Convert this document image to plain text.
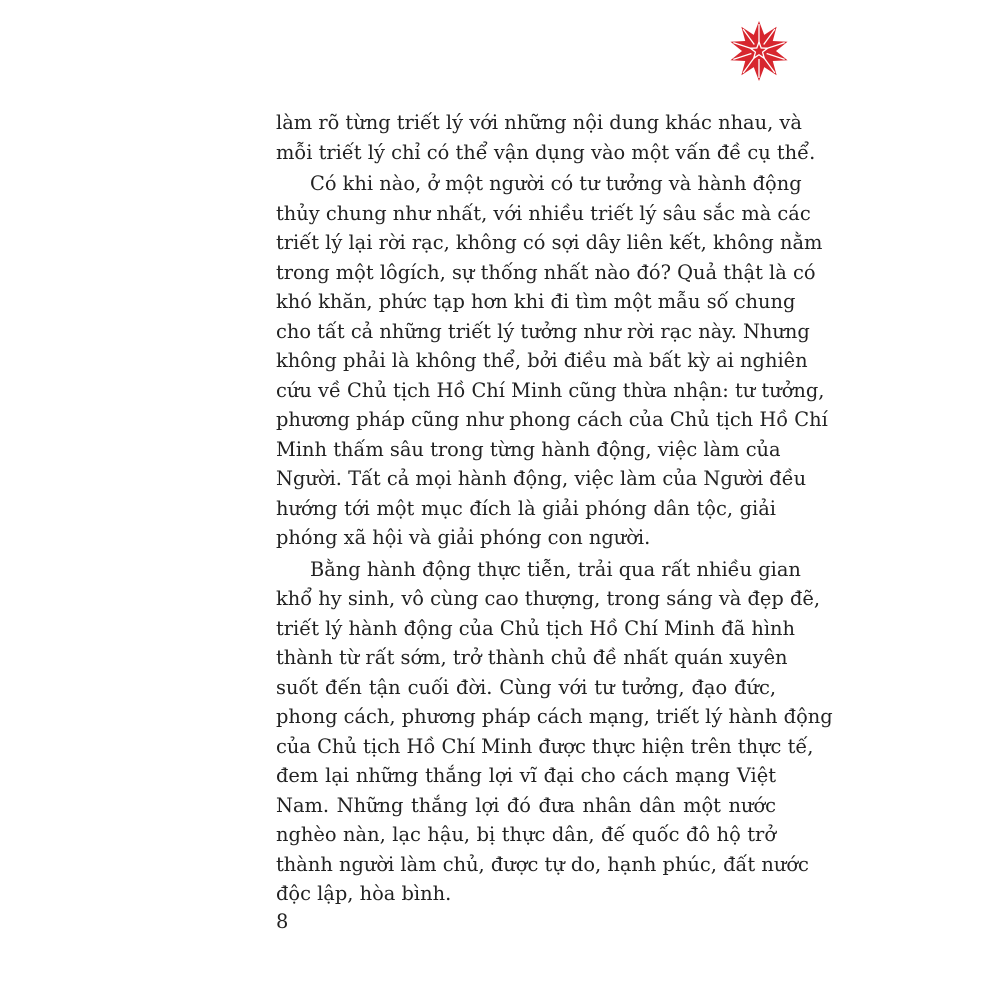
làm rõ từng triết lý với những nội dung khác nhau, và
mỗi triết lý chỉ có thể vận dụng vào một vấn đề cụ thể.
Có khi nào, ở một người có tư tưởng và hành động
thủy chung như nhất, với nhiều triết lý sâu sắc mà các
triết lý lại rời rạc, không có sợi dây liên kết, không nằm
trong một lôgích, sự thống nhất nào đó? Quả thật là có
khó khăn, phức tạp hơn khi đi tìm một mẫu số chung
cho tất cả những triết lý tưởng như rời rạc này. Nhưng
không phải là không thể, bởi điều mà bất kỳ ai nghiên
cứu về Chủ tịch Hồ Chí Minh cũng thừa nhận: tư tưởng,
phương pháp cũng như phong cách của Chủ tịch Hồ Chí
Minh thấm sâu trong từng hành động, việc làm của
Người. Tất cả mọi hành động, việc làm của Người đều
hướng tới một mục đích là giải phóng dân tộc, giải
phóng xã hội và giải phóng con người.
Bằng hành động thực tiễn, trải qua rất nhiều gian
khổ hy sinh, vô cùng cao thượng, trong sáng và đẹp đẽ,
triết lý hành động của Chủ tịch Hồ Chí Minh đã hình
thành từ rất sớm, trở thành chủ đề nhất quán xuyên
suốt đến tận cuối đời. Cùng với tư tưởng, đạo đức,
phong cách, phương pháp cách mạng, triết lý hành động
của Chủ tịch Hồ Chí Minh được thực hiện trên thực tế,
đem lại những thắng lợi vĩ đại cho cách mạng Việt
Nam. Những thắng lợi đó đưa nhân dân một nước
nghèo nàn, lạc hậu, bị thực dân, đế quốc đô hộ trở
thành người làm chủ, được tự do, hạnh phúc, đất nước
độc lập, hòa bình.
8
